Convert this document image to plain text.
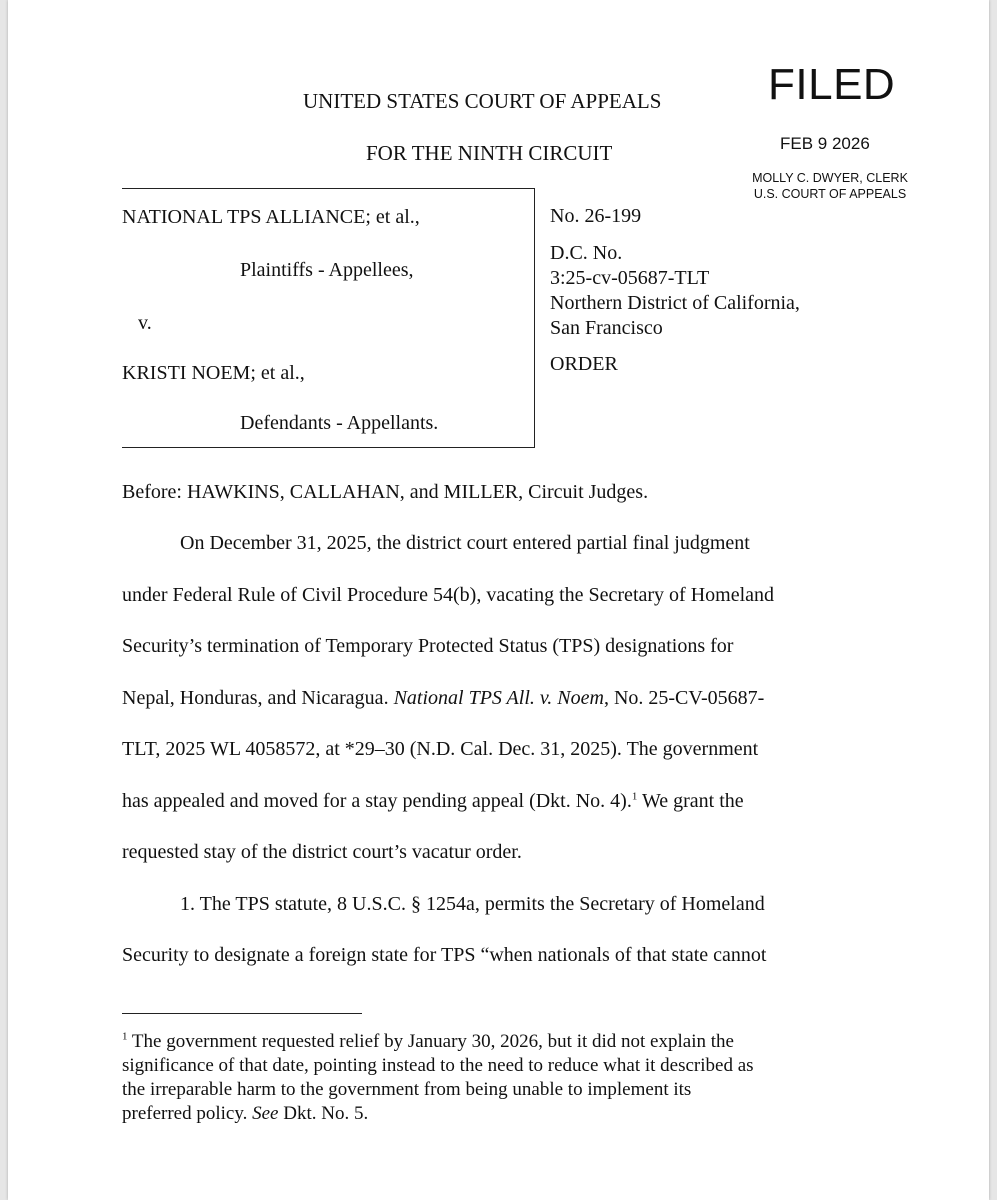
UNITED STATES COURT OF APPEALS
FOR THE NINTH CIRCUIT
FILED
FEB 9 2026
MOLLY C. DWYER, CLERK
U.S. COURT OF APPEALS
NATIONAL TPS ALLIANCE; et al.,
Plaintiffs - Appellees,
v.
KRISTI NOEM; et al.,
Defendants - Appellants.
No. 26-199
D.C. No.
3:25-cv-05687-TLT
Northern District of California,
San Francisco
ORDER
Before: HAWKINS, CALLAHAN, and MILLER, Circuit Judges.
On December 31, 2025, the district court entered partial final judgment
under Federal Rule of Civil Procedure 54(b), vacating the Secretary of Homeland
Security’s termination of Temporary Protected Status (TPS) designations for
Nepal, Honduras, and Nicaragua. National TPS All. v. Noem, No. 25-CV-05687-
TLT, 2025 WL 4058572, at *29–30 (N.D. Cal. Dec. 31, 2025). The government
has appealed and moved for a stay pending appeal (Dkt. No. 4).$^1$ We grant the
requested stay of the district court’s vacatur order.
1. The TPS statute, 8 U.S.C. § 1254a, permits the Secretary of Homeland
Security to designate a foreign state for TPS “when nationals of that state cannot
$^1$ The government requested relief by January 30, 2026, but it did not explain the
significance of that date, pointing instead to the need to reduce what it described as
the irreparable harm to the government from being unable to implement its
preferred policy. See Dkt. No. 5.
